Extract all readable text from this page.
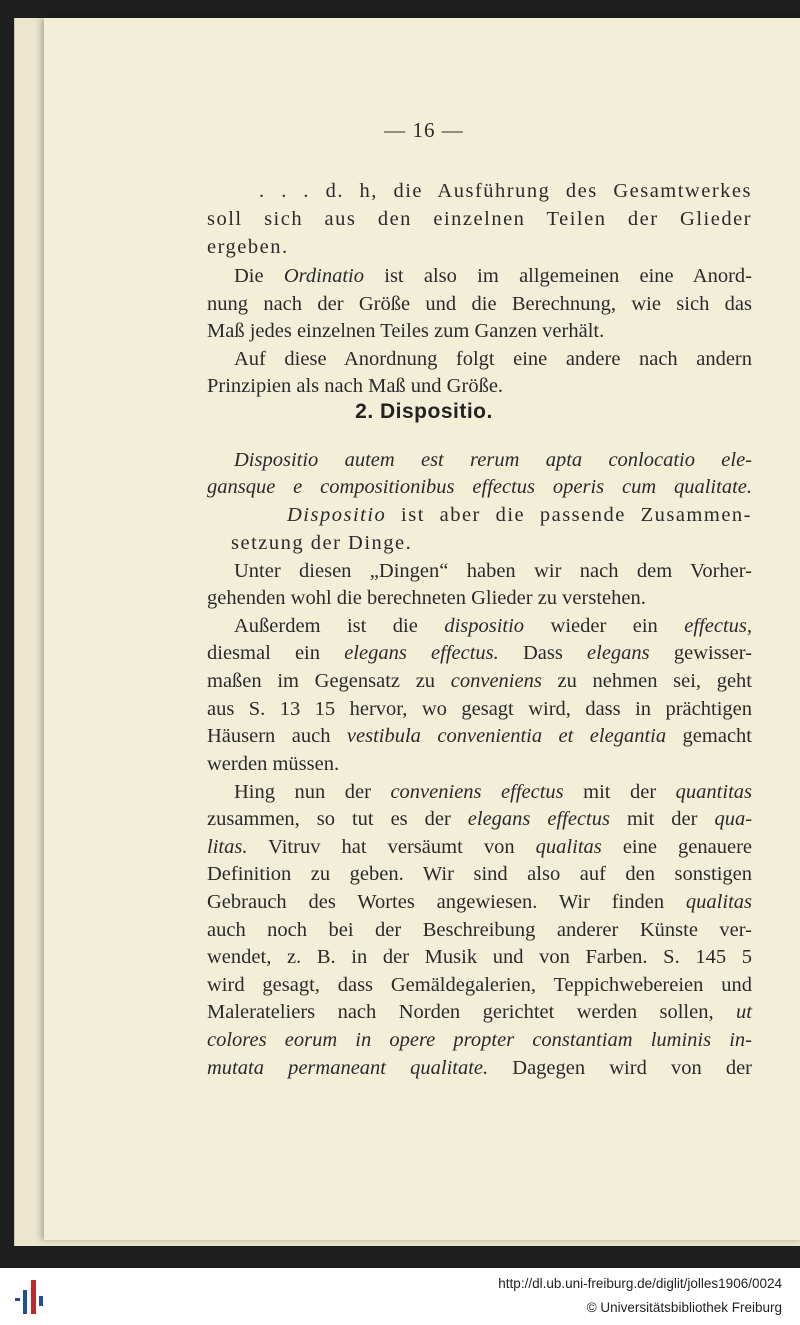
— 16 —
. . . d. h, die Ausführung des Gesamtwerkes
soll sich aus den einzelnen Teilen der Glieder
ergeben.
Die Ordinatio ist also im allgemeinen eine Anord-
nung nach der Größe und die Berechnung, wie sich das
Maß jedes einzelnen Teiles zum Ganzen verhält.
Auf diese Anordnung folgt eine andere nach andern
Prinzipien als nach Maß und Größe.
2. Dispositio.
Dispositio autem est rerum apta conlocatio ele-
gansque e compositionibus effectus operis cum qualitate.
Dispositio ist aber die passende Zusammen-
setzung der Dinge.
Unter diesen „Dingen“ haben wir nach dem Vorher-
gehenden wohl die berechneten Glieder zu verstehen.
Außerdem ist die dispositio wieder ein effectus,
diesmal ein elegans effectus. Dass elegans gewisser-
maßen im Gegensatz zu conveniens zu nehmen sei, geht
aus S. 13 15 hervor, wo gesagt wird, dass in prächtigen
Häusern auch vestibula convenientia et elegantia gemacht
werden müssen.
Hing nun der conveniens effectus mit der quantitas
zusammen, so tut es der elegans effectus mit der qua-
litas. Vitruv hat versäumt von qualitas eine genauere
Definition zu geben. Wir sind also auf den sonstigen
Gebrauch des Wortes angewiesen. Wir finden qualitas
auch noch bei der Beschreibung anderer Künste ver-
wendet, z. B. in der Musik und von Farben. S. 145 5
wird gesagt, dass Gemäldegalerien, Teppichwebereien und
Malerateliers nach Norden gerichtet werden sollen, ut
colores eorum in opere propter constantiam luminis in-
mutata permaneant qualitate. Dagegen wird von der
http://dl.ub.uni-freiburg.de/diglit/jolles1906/0024
© Universitätsbibliothek Freiburg
